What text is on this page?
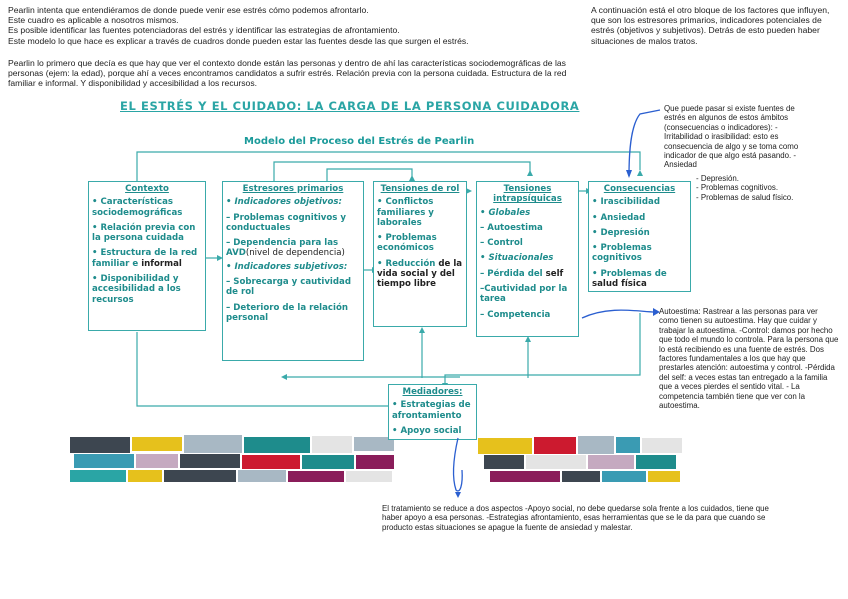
Pearlin intenta que entendiéramos de donde puede venir ese estrés cómo podemos afrontarlo.
Este cuadro es aplicable a nosotros mismos.
Es posible identificar las fuentes potenciadoras del estrés y identificar las estrategias de afrontamiento.
Este modelo lo que hace es explicar a través de cuadros donde pueden estar las fuentes desde las que surgen el estrés.
Pearlin lo primero que decía es que hay que ver el contexto donde están las personas y dentro de ahí las características sociodemográficas de las personas (ejem: la edad), porque ahí a veces encontramos candidatos a sufrir estrés. Relación previa con la persona cuidada. Estructura de la red familiar e informal. Y disponibilidad y accesibilidad a los recursos.
A continuación está el otro bloque de los factores que influyen, que son los estresores primarios, indicadores potenciales de estrés (objetivos y subjetivos). Detrás de esto pueden haber situaciones de malos tratos.
EL ESTRÉS Y EL CUIDADO: LA CARGA DE LA PERSONA CUIDADORA
Modelo del Proceso del Estrés de Pearlin
Contexto
• Características sociodemográficas
• Relación previa con la persona cuidada
• Estructura de la red familiar e informal
• Disponibilidad y accesibilidad a los recursos
Estresores primarios
• Indicadores objetivos:
– Problemas cognitivos y conductuales
– Dependencia para las AVD(nivel de dependencia)
• Indicadores subjetivos:
– Sobrecarga y cautividad de rol
– Deterioro de la relación personal
Tensiones de rol
• Conflictos familiares y laborales
• Problemas económicos
• Reducción de la vida social y del tiempo libre
Tensiones intrapsíquicas
• Globales
– Autoestima
– Control
• Situacionales
– Pérdida del self
–Cautividad por la tarea
– Competencia
Consecuencias
• Irascibilidad
• Ansiedad
• Depresión
• Problemas cognitivos
• Problemas de salud física
Mediadores:
• Estrategias de afrontamiento
• Apoyo social
Que puede pasar si existe fuentes de estrés en algunos de estos ámbitos (consecuencias o indicadores): - Irritabilidad o irasibilidad: esto es consecuencia de algo y se toma como indicador de que algo está pasando. -Ansiedad
- Depresión.
- Problemas cognitivos.
- Problemas de salud físico.
Autoestima: Rastrear a las personas para ver como tienen su autoestima. Hay que cuidar y trabajar la autoestima. -Control: damos por hecho que todo el mundo lo controla. Para la persona que lo está recibiendo es una fuente de estrés. Dos factores fundamentales a los que hay que prestarles atención: autoestima y control. -Pérdida del self: a veces estas tan entregado a la familia que a veces pierdes el sentido vital. - La competencia también tiene que ver con la autoestima.
El tratamiento se reduce a dos aspectos -Apoyo social, no debe quedarse sola frente a los cuidados, tiene que haber apoyo a esa personas. -Estrategias afrontamiento, esas herramientas que se le da para que cuando se producto estas situaciones se apague la fuente de ansiedad y malestar.
